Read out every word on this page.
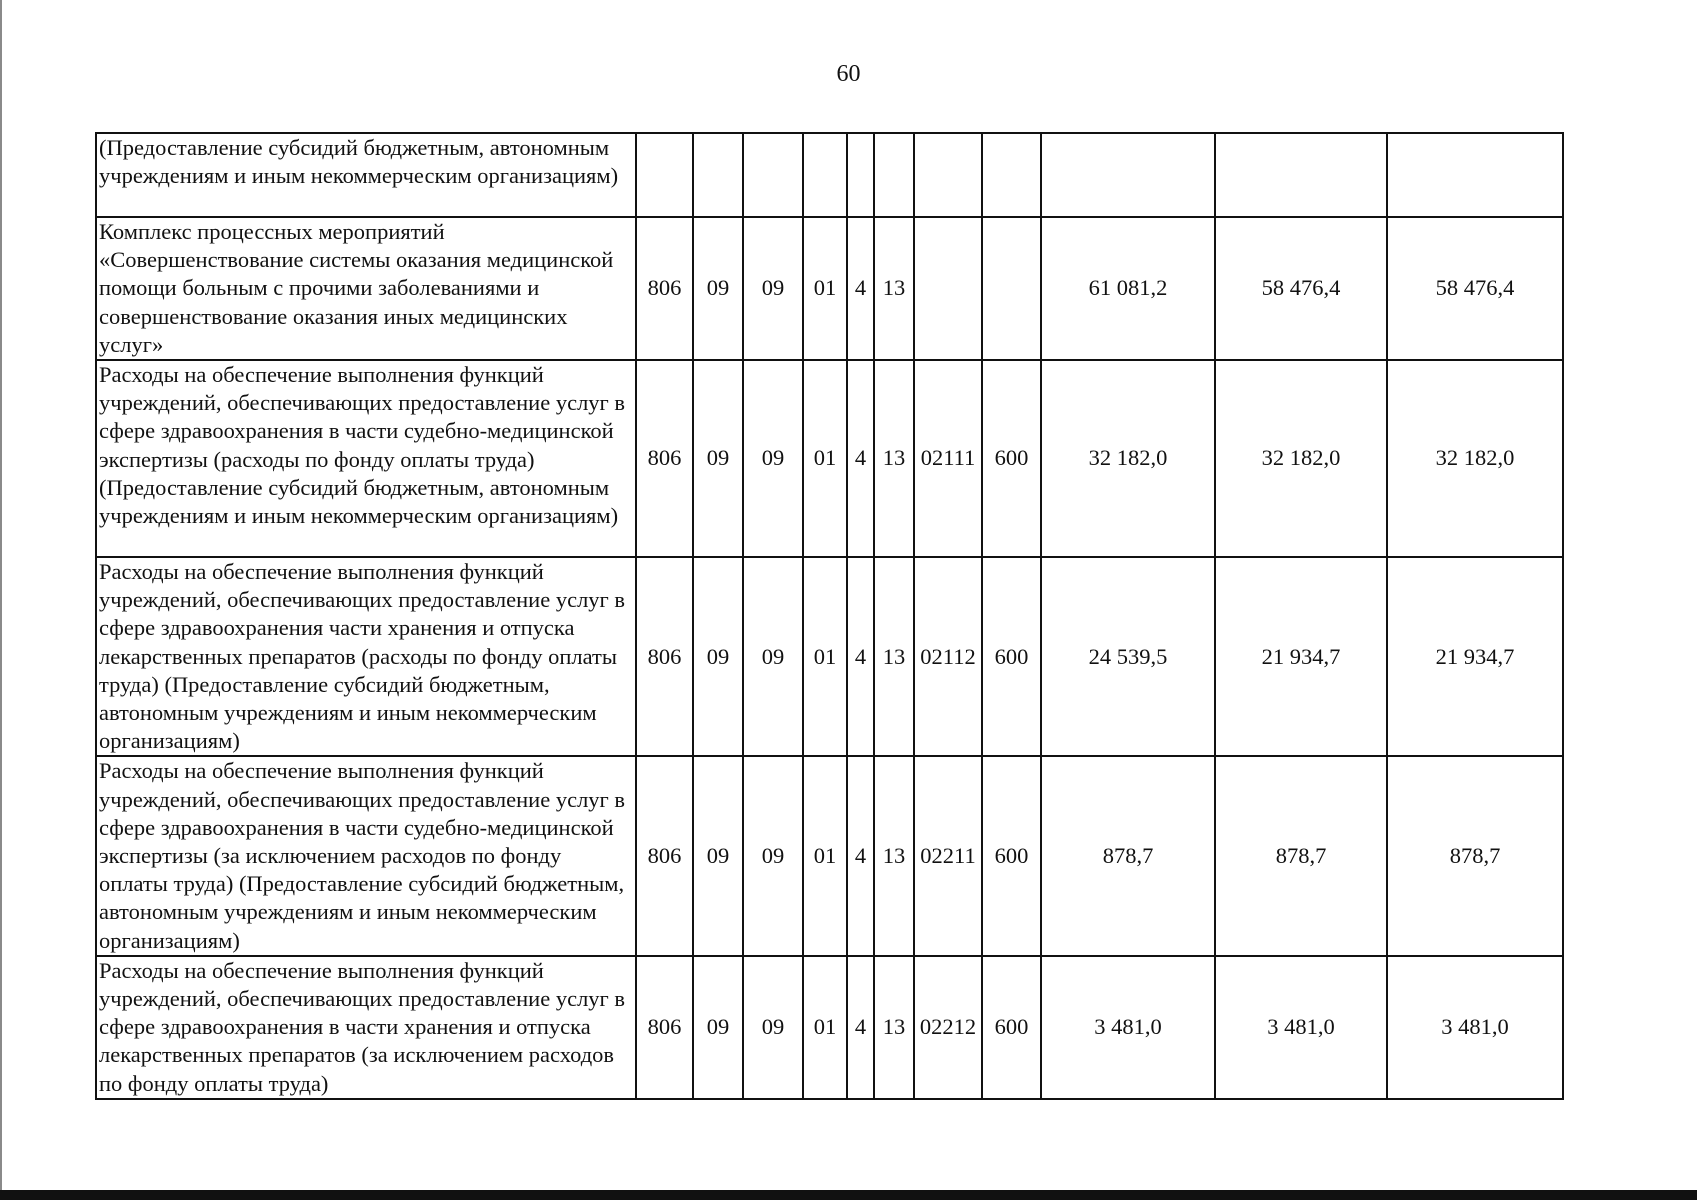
60
(Предоставление субсидий бюджетным, автономным учреждениям и иным некоммерческим организациям)											
Комплекс процессных мероприятий «Совершенствование системы оказания медицинской помощи больным с прочими заболеваниями и совершенствование оказания иных медицинских услуг»	806	09	09	01	4	13			61 081,2	58 476,4	58 476,4
Расходы на обеспечение выполнения функций учреждений, обеспечивающих предоставление услуг в сфере здравоохранения в части судебно-медицинской экспертизы (расходы по фонду оплаты труда) (Предоставление субсидий бюджетным, автономным учреждениям и иным некоммерческим организациям)	806	09	09	01	4	13	02111	600	32 182,0	32 182,0	32 182,0
Расходы на обеспечение выполнения функций учреждений, обеспечивающих предоставление услуг в сфере здравоохранения части хранения и отпуска лекарственных препаратов (расходы по фонду оплаты труда) (Предоставление субсидий бюджетным, автономным учреждениям и иным некоммерческим организациям)	806	09	09	01	4	13	02112	600	24 539,5	21 934,7	21 934,7
Расходы на обеспечение выполнения функций учреждений, обеспечивающих предоставление услуг в сфере здравоохранения в части судебно-медицинской экспертизы (за исключением расходов по фонду оплаты труда) (Предоставление субсидий бюджетным, автономным учреждениям и иным некоммерческим организациям)	806	09	09	01	4	13	02211	600	878,7	878,7	878,7
Расходы на обеспечение выполнения функций учреждений, обеспечивающих предоставление услуг в сфере здравоохранения в части хранения и отпуска лекарственных препаратов (за исключением расходов по фонду оплаты труда)	806	09	09	01	4	13	02212	600	3 481,0	3 481,0	3 481,0
